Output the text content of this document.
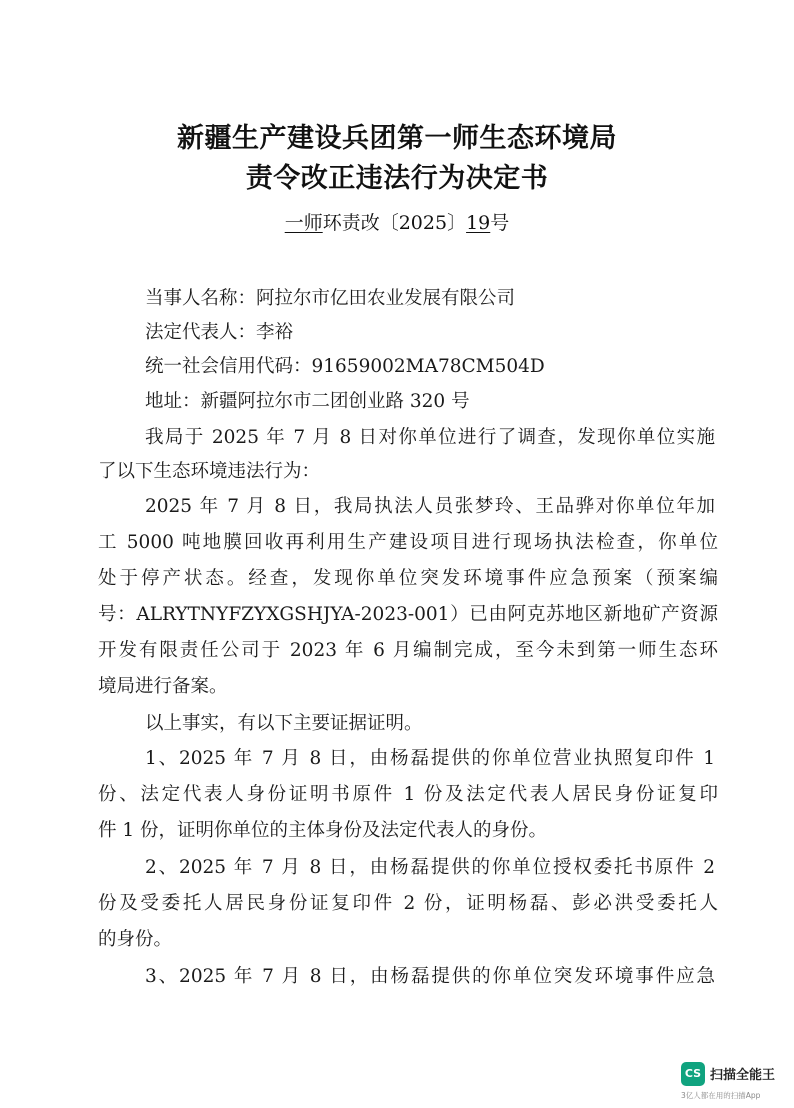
新疆生产建设兵团第一师生态环境局
责令改正违法行为决定书
一师环责改〔2025〕19号
当事人名称：阿拉尔市亿田农业发展有限公司
法定代表人：李裕
统一社会信用代码：91659002MA78CM504D
地址：新疆阿拉尔市二团创业路 320 号
我局于 2025 年 7 月 8 日对你单位进行了调查，发现你单位实施
了以下生态环境违法行为：
2025 年 7 月 8 日，我局执法人员张梦玲、王品骅对你单位年加
工 5000 吨地膜回收再利用生产建设项目进行现场执法检查，你单位
处于停产状态。经查，发现你单位突发环境事件应急预案（预案编
号：ALRYTNYFZYXGSHJYA-2023-001）已由阿克苏地区新地矿产资源
开发有限责任公司于 2023 年 6 月编制完成，至今未到第一师生态环
境局进行备案。
以上事实，有以下主要证据证明。
1、2025 年 7 月 8 日，由杨磊提供的你单位营业执照复印件 1
份、法定代表人身份证明书原件 1 份及法定代表人居民身份证复印
件 1 份，证明你单位的主体身份及法定代表人的身份。
2、2025 年 7 月 8 日，由杨磊提供的你单位授权委托书原件 2
份及受委托人居民身份证复印件 2 份，证明杨磊、彭必洪受委托人
的身份。
3、2025 年 7 月 8 日，由杨磊提供的你单位突发环境事件应急
CS 扫描全能王
3亿人都在用的扫描App
